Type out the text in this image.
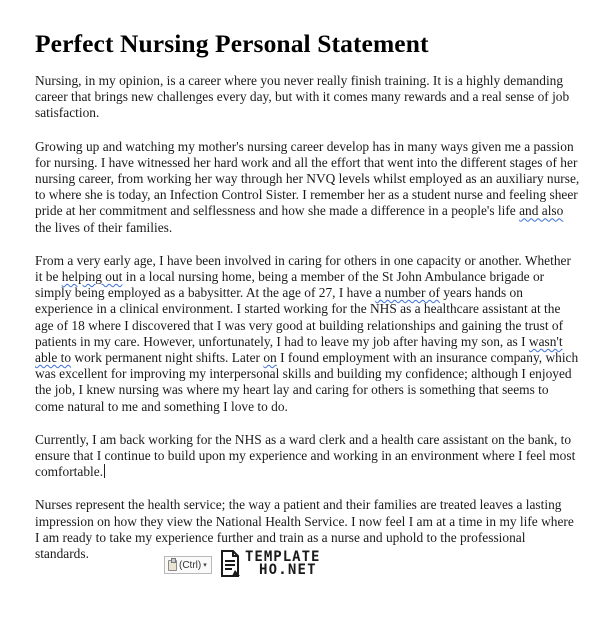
Perfect Nursing Personal Statement

Nursing, in my opinion, is a career where you never really finish training. It is a highly demanding career that brings new challenges every day, but with it comes many rewards and a real sense of job satisfaction.

Growing up and watching my mother's nursing career develop has in many ways given me a passion for nursing. I have witnessed her hard work and all the effort that went into the different stages of her nursing career, from working her way through her NVQ levels whilst employed as an auxiliary nurse, to where she is today, an Infection Control Sister. I remember her as a student nurse and feeling sheer pride at her commitment and selflessness and how she made a difference in a people's life and also the lives of their families.

From a very early age, I have been involved in caring for others in one capacity or another. Whether it be helping out in a local nursing home, being a member of the St John Ambulance brigade or simply being employed as a babysitter. At the age of 27, I have a number of years hands on experience in a clinical environment. I started working for the NHS as a healthcare assistant at the age of 18 where I discovered that I was very good at building relationships and gaining the trust of patients in my care. However, unfortunately, I had to leave my job after having my son, as I wasn't able to work permanent night shifts. Later on I found employment with an insurance company, which was excellent for improving my interpersonal skills and building my confidence; although I enjoyed the job, I knew nursing was where my heart lay and caring for others is something that seems to come natural to me and something I love to do.

Currently, I am back working for the NHS as a ward clerk and a health care assistant on the bank, to ensure that I continue to build upon my experience and working in an environment where I feel most comfortable.

Nurses represent the health service; the way a patient and their families are treated leaves a lasting impression on how they view the National Health Service. I now feel I am at a time in my life where I am ready to take my experience further and train as a nurse and uphold to the professional standards.

(Ctrl) ▾
TEMPLATE
HO.NET
